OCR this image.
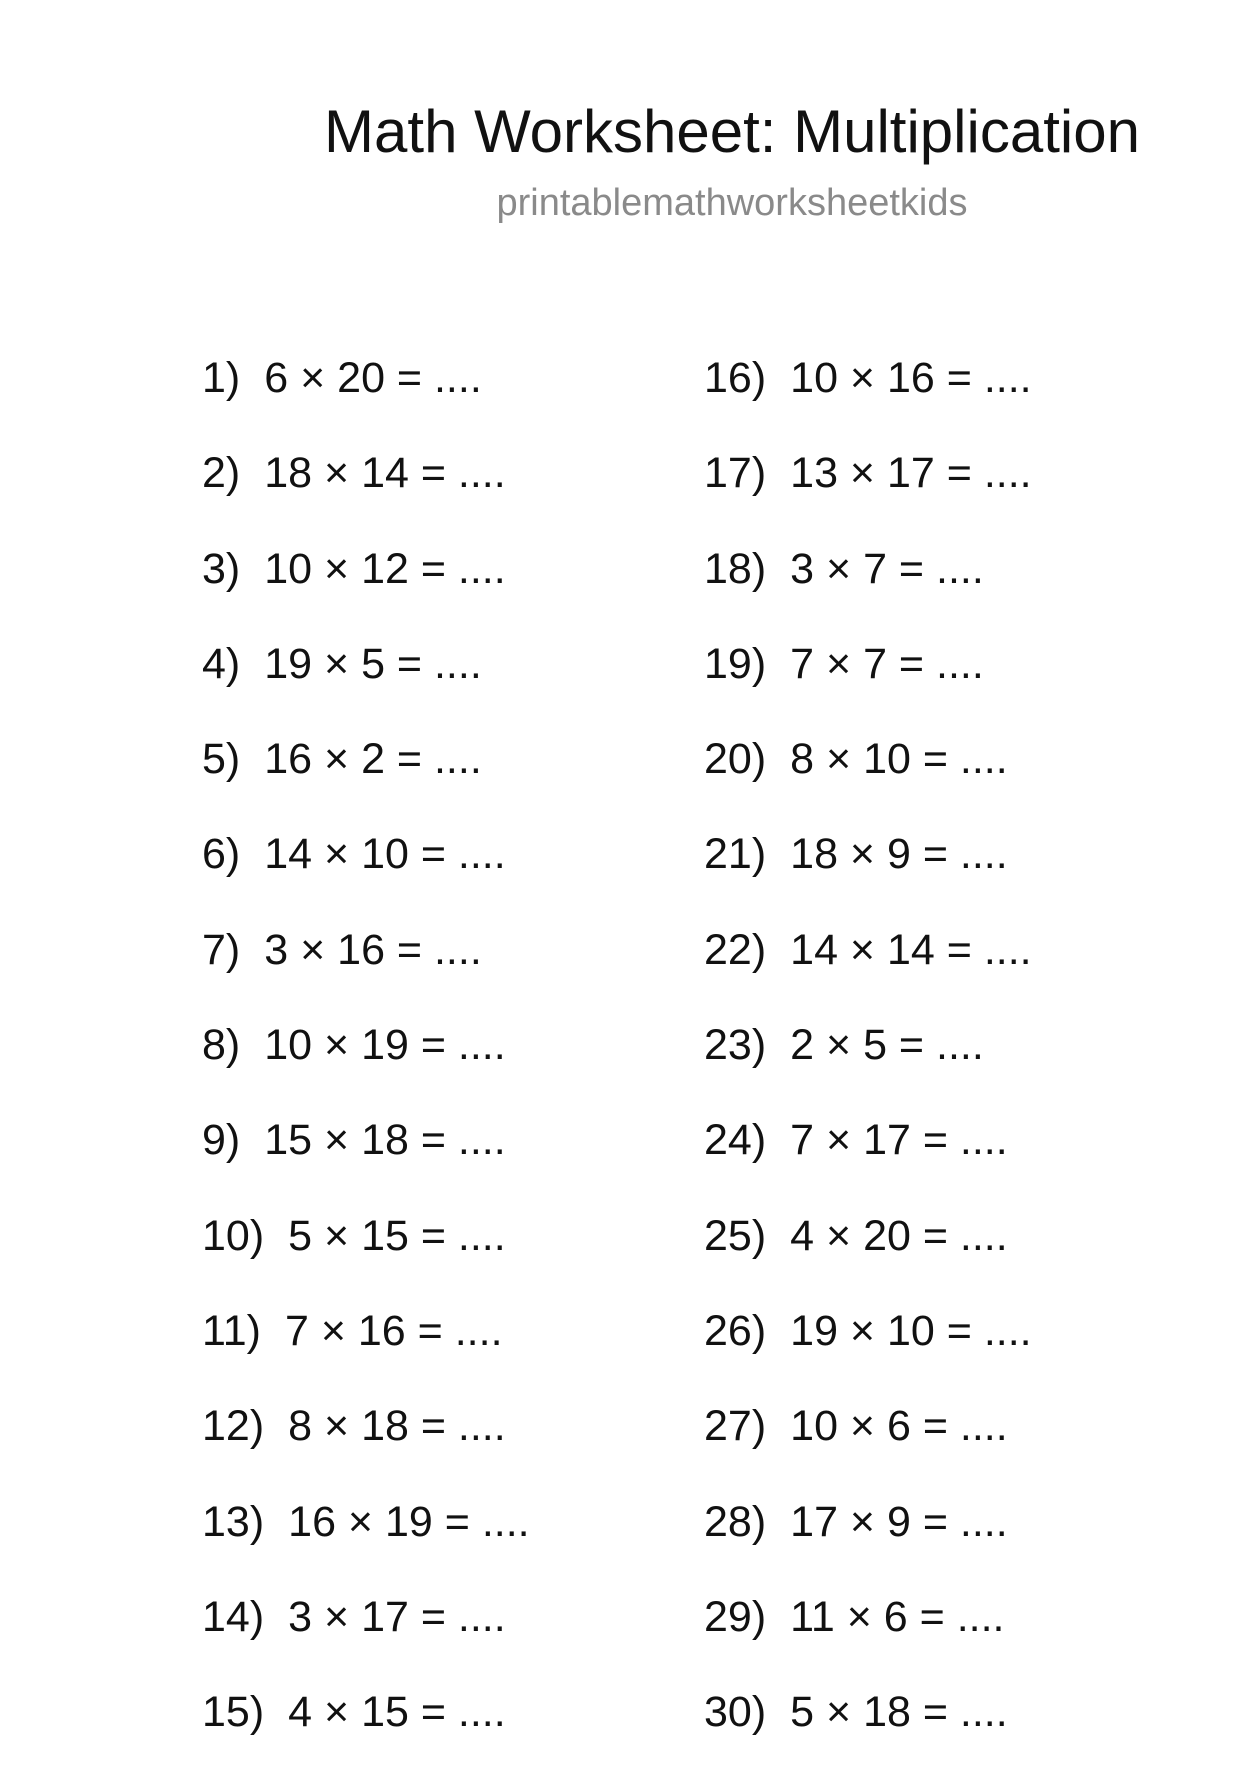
Math Worksheet: Multiplication
printablemathworksheetkids
1) 6 × 20 = ....
2) 18 × 14 = ....
3) 10 × 12 = ....
4) 19 × 5 = ....
5) 16 × 2 = ....
6) 14 × 10 = ....
7) 3 × 16 = ....
8) 10 × 19 = ....
9) 15 × 18 = ....
10) 5 × 15 = ....
11) 7 × 16 = ....
12) 8 × 18 = ....
13) 16 × 19 = ....
14) 3 × 17 = ....
15) 4 × 15 = ....
16) 10 × 16 = ....
17) 13 × 17 = ....
18) 3 × 7 = ....
19) 7 × 7 = ....
20) 8 × 10 = ....
21) 18 × 9 = ....
22) 14 × 14 = ....
23) 2 × 5 = ....
24) 7 × 17 = ....
25) 4 × 20 = ....
26) 19 × 10 = ....
27) 10 × 6 = ....
28) 17 × 9 = ....
29) 11 × 6 = ....
30) 5 × 18 = ....
